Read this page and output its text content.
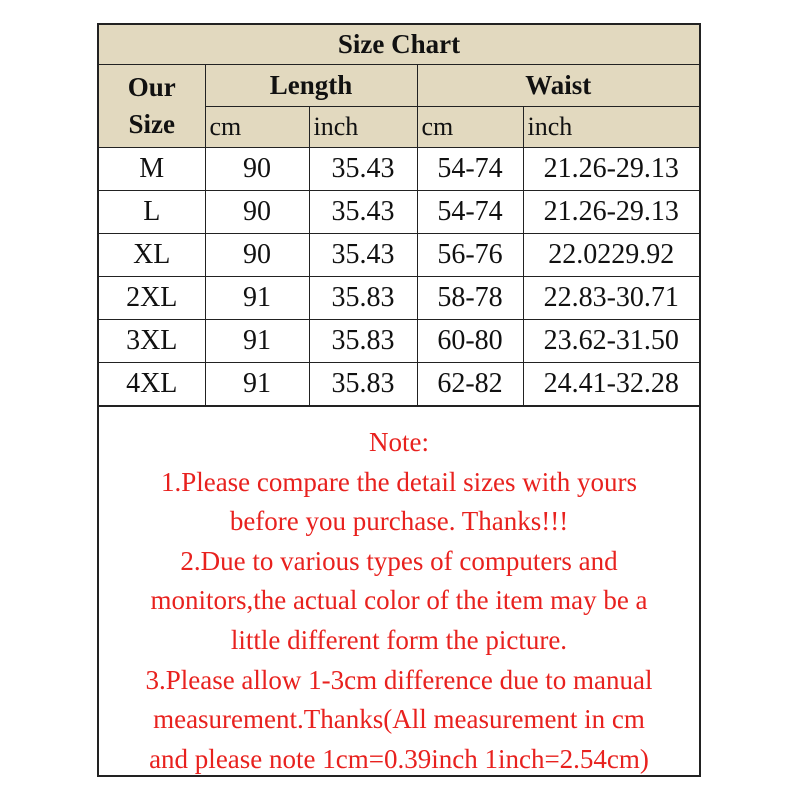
Size Chart				

Our
Size	Length		Waist	
	cm	inch	cm	inch
M	90	35.43	54-74	21.26-29.13
L	90	35.43	54-74	21.26-29.13
XL	90	35.43	56-76	22.0229.92
2XL	91	35.83	58-78	22.83-30.71
3XL	91	35.83	60-80	23.62-31.50
4XL	91	35.83	62-82	24.41-32.28
Note:
1.Please compare the detail sizes with yours
before you purchase. Thanks!!!
2.Due to various types of computers and
monitors,the actual color of the item may be a
little different form the picture.
3.Please allow 1-3cm difference due to manual
measurement.Thanks(All measurement in cm
and please note 1cm=0.39inch 1inch=2.54cm)
